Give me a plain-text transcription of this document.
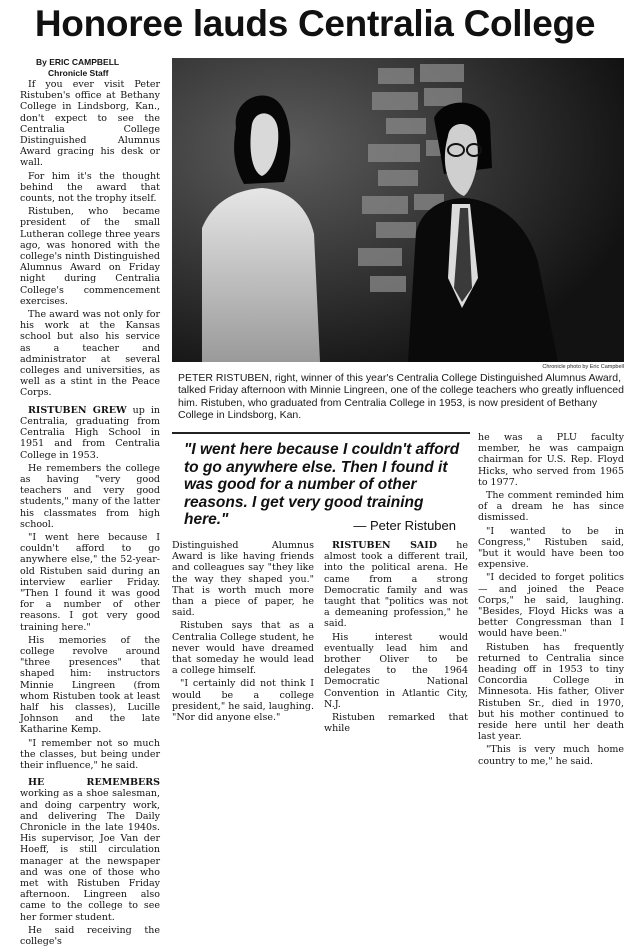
Honoree lauds Centralia College
By ERIC CAMPBELL
Chronicle Staff

If you ever visit Peter Ristuben's office at Bethany College in Lindsborg, Kan., don't expect to see the Centralia College Distinguished Alumnus Award gracing his desk or wall.

For him it's the thought behind the award that counts, not the trophy itself.

Ristuben, who became president of the small Lutheran college three years ago, was honored with the college's ninth Distinguished Alumnus Award on Friday night during Centralia College's commencement exercises.

The award was not only for his work at the Kansas school but also his service as a teacher and administrator at several colleges and universities, as well as a stint in the Peace Corps.

RISTUBEN GREW up in Centralia, graduating from Centralia High School in 1951 and from Centralia College in 1953.

He remembers the college as having "very good teachers and very good students," many of the latter his classmates from high school.

"I went here because I couldn't afford to go anywhere else," the 52-year-old Ristuben said during an interview earlier Friday. "Then I found it was good for a number of other reasons. I got very good training here."

His memories of the college revolve around "three presences" that shaped him: instructors Minnie Lingreen (from whom Ristuben took at least half his classes), Lucille Johnson and the late Katharine Kemp.

"I remember not so much the classes, but being under their influence," he said.

HE REMEMBERS working as a shoe salesman, and doing carpentry work, and delivering The Daily Chronicle in the late 1940s. His supervisor, Joe Van der Hoeff, is still circulation manager at the newspaper and was one of those who met with Ristuben Friday afternoon. Lingreen also came to the college to see her former student.

He said receiving the college's

Chronicle photo by Eric Campbell
PETER RISTUBEN, right, winner of this year's Centralia College Distinguished Alumnus Award, talked Friday afternoon with Minnie Lingreen, one of the college teachers who greatly influenced him. Ristuben, who graduated from Centralia College in 1953, is now president of Bethany College in Lindsborg, Kan.
"I went here because I couldn't afford to go anywhere else. Then I found it was good for a number of other reasons. I get very good training here."	— Peter Ristuben

Distinguished Alumnus Award is like having friends and colleagues say "they like the way they shaped you." That is worth much more than a piece of paper, he said.

Ristuben says that as a Centralia College student, he never would have dreamed that someday he would lead a college himself.

"I certainly did not think I would be a college president," he said, laughing. "Nor did anyone else."

RISTUBEN SAID he almost took a different trail, into the political arena. He came from a strong Democratic family and was taught that "politics was not a demeaning profession," he said.

His interest would eventually lead him and brother Oliver to be delegates to the 1964 Democratic National Convention in Atlantic City, N.J.

Ristuben remarked that while

he was a PLU faculty member, he was campaign chairman for U.S. Rep. Floyd Hicks, who served from 1965 to 1977.

The comment reminded him of a dream he has since dismissed.

"I wanted to be in Congress," Ristuben said, "but it would have been too expensive.

"I decided to forget politics — and joined the Peace Corps," he said, laughing. "Besides, Floyd Hicks was a better Congressman than I would have been."

Ristuben has frequently returned to Centralia since heading off in 1953 to tiny Concordia College in Minnesota. His father, Oliver Ristuben Sr., died in 1970, but his mother continued to reside here until her death last year.

"This is very much home country to me," he said.
